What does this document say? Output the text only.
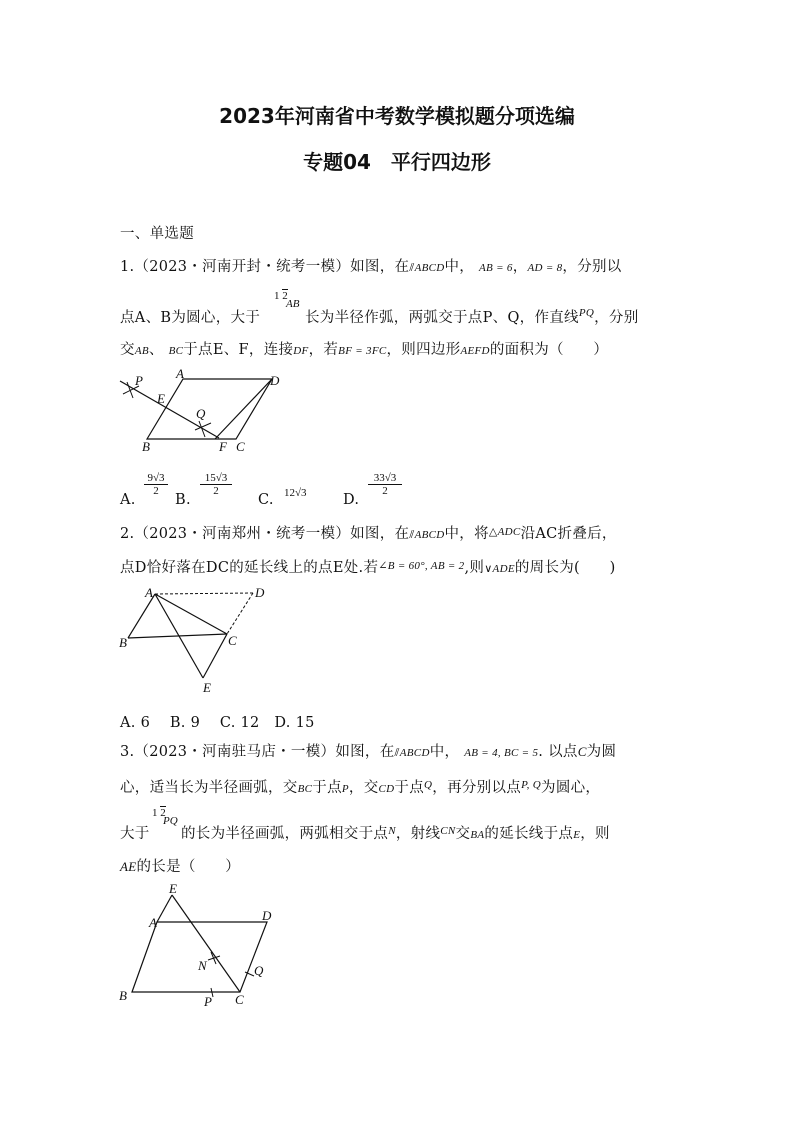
2023年河南省中考数学模拟题分项选编
专题04　平行四边形
一、单选题
1.（2023・河南开封・统考一模）如图，在⫽ABCD中， AB = 6，AD = 8，分别以
点A、B为圆心，大于
1 2
AB
长为半径作弧，两弧交于点P、Q，作直线$^{PQ}$，分别
交AB、 BC于点E、F，连接DF，若BF = 3FC，则四边形AEFD的面积为（　　）
P	A	D
E
Q
B	F C
A.
$\frac{9√3}{2}$
B.
$\frac{15√3}{2}$
C. 12√3	D.
$\frac{33√3}{2}$
2.（2023・河南郑州・统考一模）如图，在⫽ABCD中，将$^{\triangle ADC}$沿AC折叠后，
点D恰好落在DC的延长线上的点E处.若$^{\angle B = 60^\circ, AB = 2}$,则∨ADE的周长为(　　)
A	D
B	C
E
A. 6　 B. 9　 C. 12　D. 15
3.（2023・河南驻马店・一模）如图，在⫽ABCD中， AB = 4, BC = 5. 以点C为圆
心，适当长为半径画弧，交BC于点P，交CD于点$^Q$，再分别以点$^{P, Q}$为圆心，
大于
1 2
PQ
的长为半径画弧，两弧相交于点$^N$，射线$^{CN}$交BA的延长线于点E，则
AE的长是（　　）
E
A	D
N	Q
B	P C
